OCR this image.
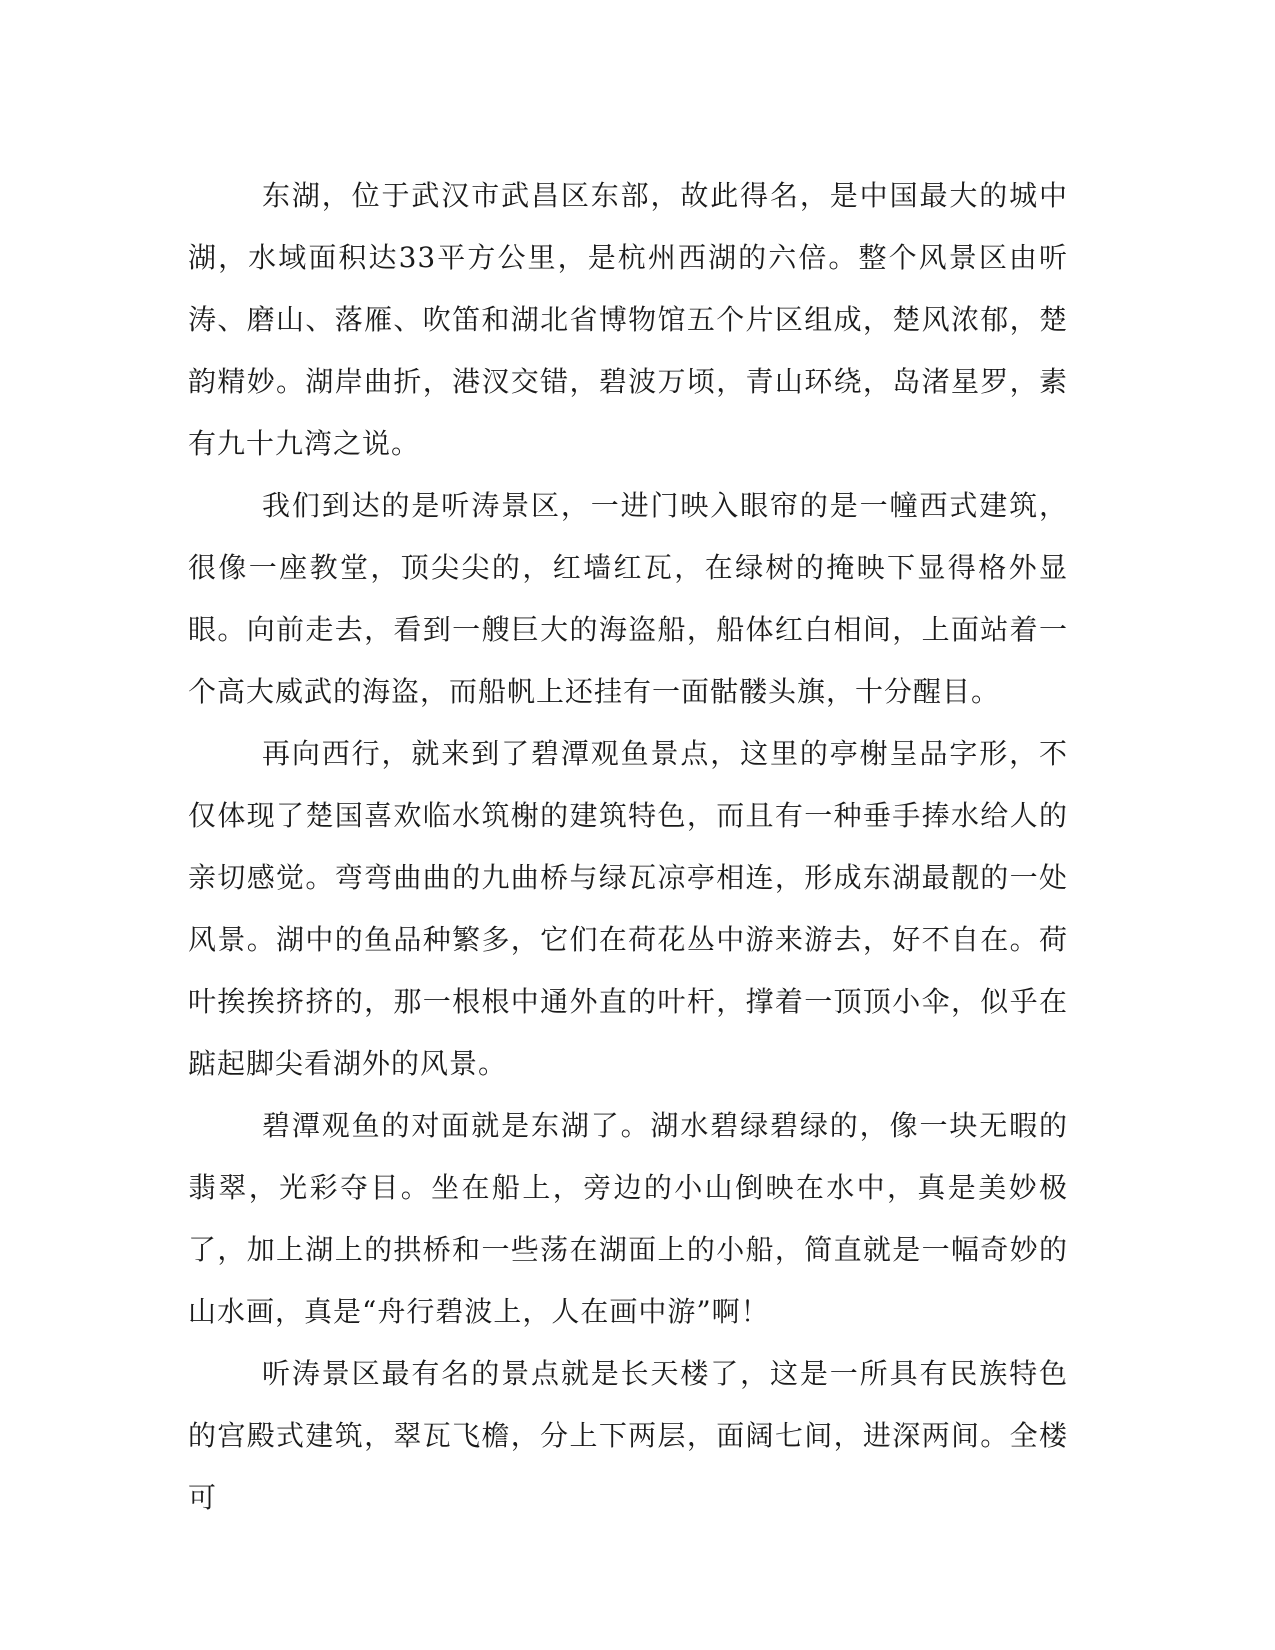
东湖，位于武汉市武昌区东部，故此得名，是中国最大的城中湖，水域面积达33平方公里，是杭州西湖的六倍。整个风景区由听涛、磨山、落雁、吹笛和湖北省博物馆五个片区组成，楚风浓郁，楚韵精妙。湖岸曲折，港汊交错，碧波万顷，青山环绕，岛渚星罗，素有九十九湾之说。

我们到达的是听涛景区，一进门映入眼帘的是一幢西式建筑，很像一座教堂，顶尖尖的，红墙红瓦，在绿树的掩映下显得格外显眼。向前走去，看到一艘巨大的海盗船，船体红白相间，上面站着一个高大威武的海盗，而船帆上还挂有一面骷髅头旗，十分醒目。

再向西行，就来到了碧潭观鱼景点，这里的亭榭呈品字形，不仅体现了楚国喜欢临水筑榭的建筑特色，而且有一种垂手捧水给人的亲切感觉。弯弯曲曲的九曲桥与绿瓦凉亭相连，形成东湖最靓的一处风景。湖中的鱼品种繁多，它们在荷花丛中游来游去，好不自在。荷叶挨挨挤挤的，那一根根中通外直的叶杆，撑着一顶顶小伞，似乎在踮起脚尖看湖外的风景。

碧潭观鱼的对面就是东湖了。湖水碧绿碧绿的，像一块无暇的翡翠，光彩夺目。坐在船上，旁边的小山倒映在水中，真是美妙极了，加上湖上的拱桥和一些荡在湖面上的小船，简直就是一幅奇妙的山水画，真是“舟行碧波上，人在画中游”啊！

听涛景区最有名的景点就是长天楼了，这是一所具有民族特色的宫殿式建筑，翠瓦飞檐，分上下两层，面阔七间，进深两间。全楼可
